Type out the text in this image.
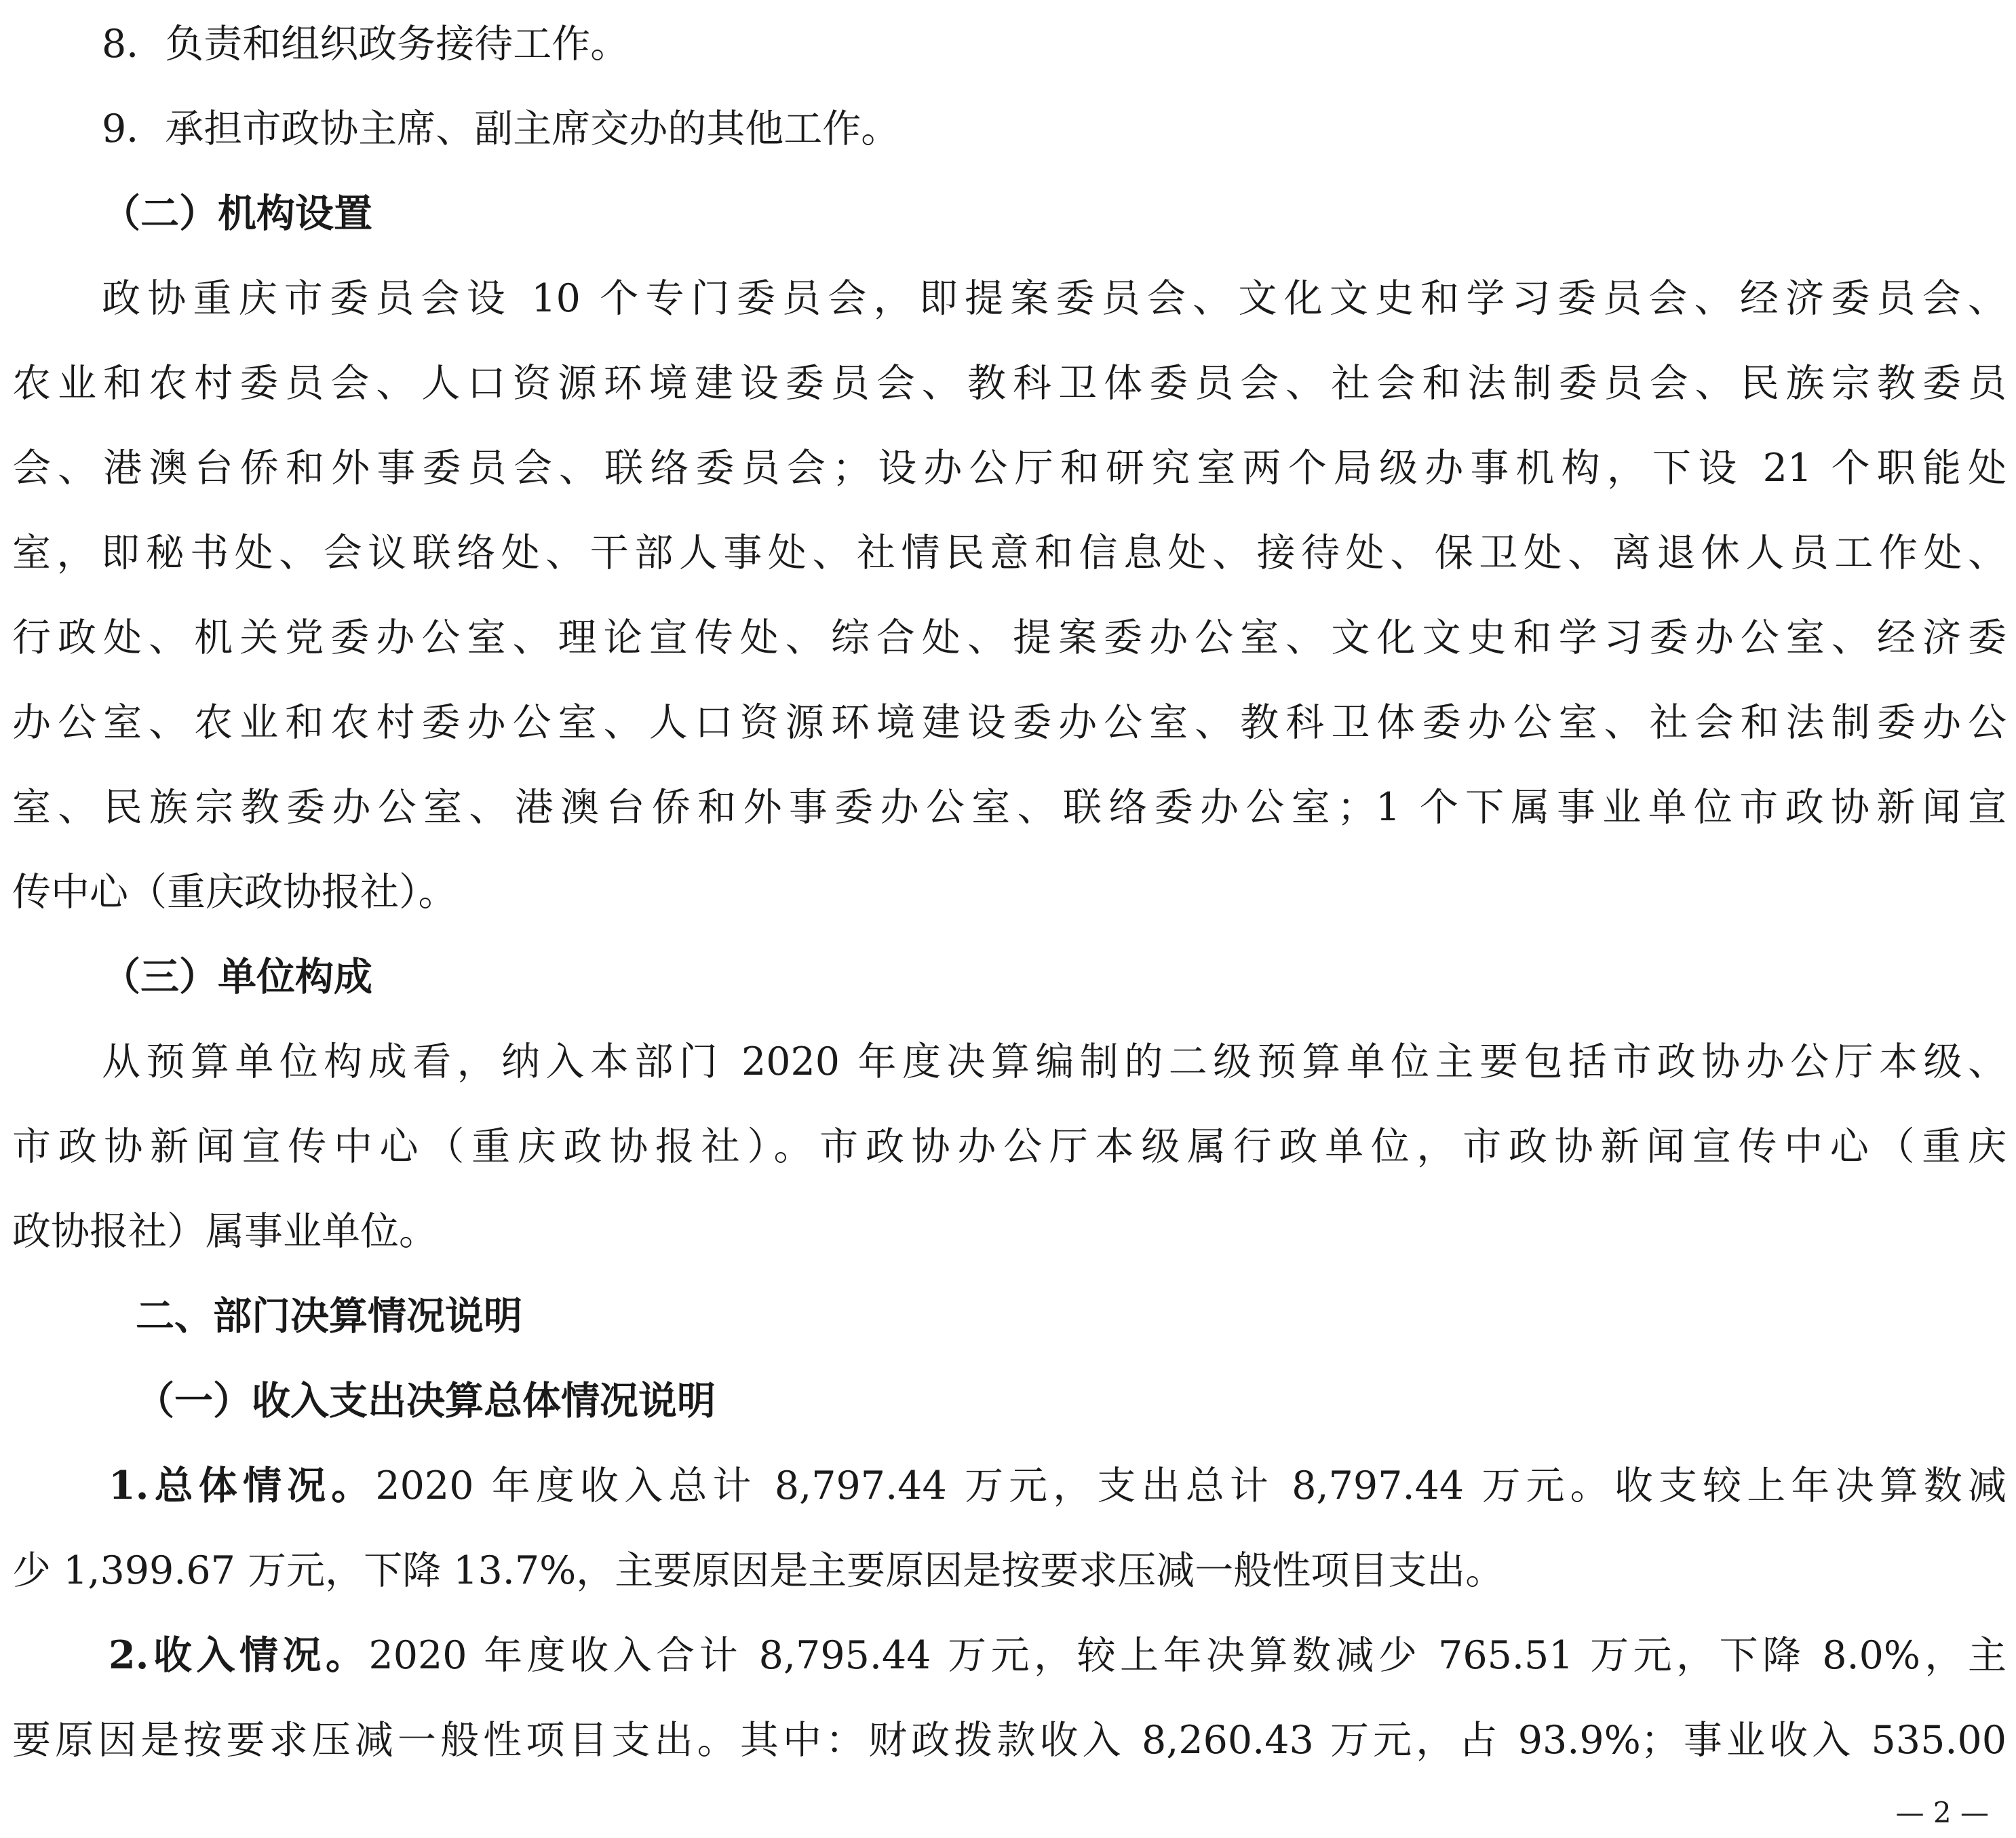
8．负责和组织政务接待工作。
9．承担市政协主席、副主席交办的其他工作。
（二）机构设置
政协重庆市委员会设 10 个专门委员会，即提案委员会、文化文史和学习委员会、经济委员会、
农业和农村委员会、人口资源环境建设委员会、教科卫体委员会、社会和法制委员会、民族宗教委员
会、港澳台侨和外事委员会、联络委员会；设办公厅和研究室两个局级办事机构，下设 21 个职能处
室，即秘书处、会议联络处、干部人事处、社情民意和信息处、接待处、保卫处、离退休人员工作处、
行政处、机关党委办公室、理论宣传处、综合处、提案委办公室、文化文史和学习委办公室、经济委
办公室、农业和农村委办公室、人口资源环境建设委办公室、教科卫体委办公室、社会和法制委办公
室、民族宗教委办公室、港澳台侨和外事委办公室、联络委办公室；1 个下属事业单位市政协新闻宣
传中心（重庆政协报社）。
（三）单位构成
从预算单位构成看，纳入本部门 2020 年度决算编制的二级预算单位主要包括市政协办公厅本级、
市政协新闻宣传中心（重庆政协报社）。市政协办公厅本级属行政单位，市政协新闻宣传中心（重庆
政协报社）属事业单位。
二、部门决算情况说明
（一）收入支出决算总体情况说明
1.总体情况。2020 年度收入总计 8,797.44 万元，支出总计 8,797.44 万元。收支较上年决算数减
少 1,399.67 万元，下降 13.7%，主要原因是主要原因是按要求压减一般性项目支出。
2.收入情况。2020 年度收入合计 8,795.44 万元，较上年决算数减少 765.51 万元，下降 8.0%，主
要原因是按要求压减一般性项目支出。其中：财政拨款收入 8,260.43 万元，占 93.9%；事业收入 535.00
— 2 —
